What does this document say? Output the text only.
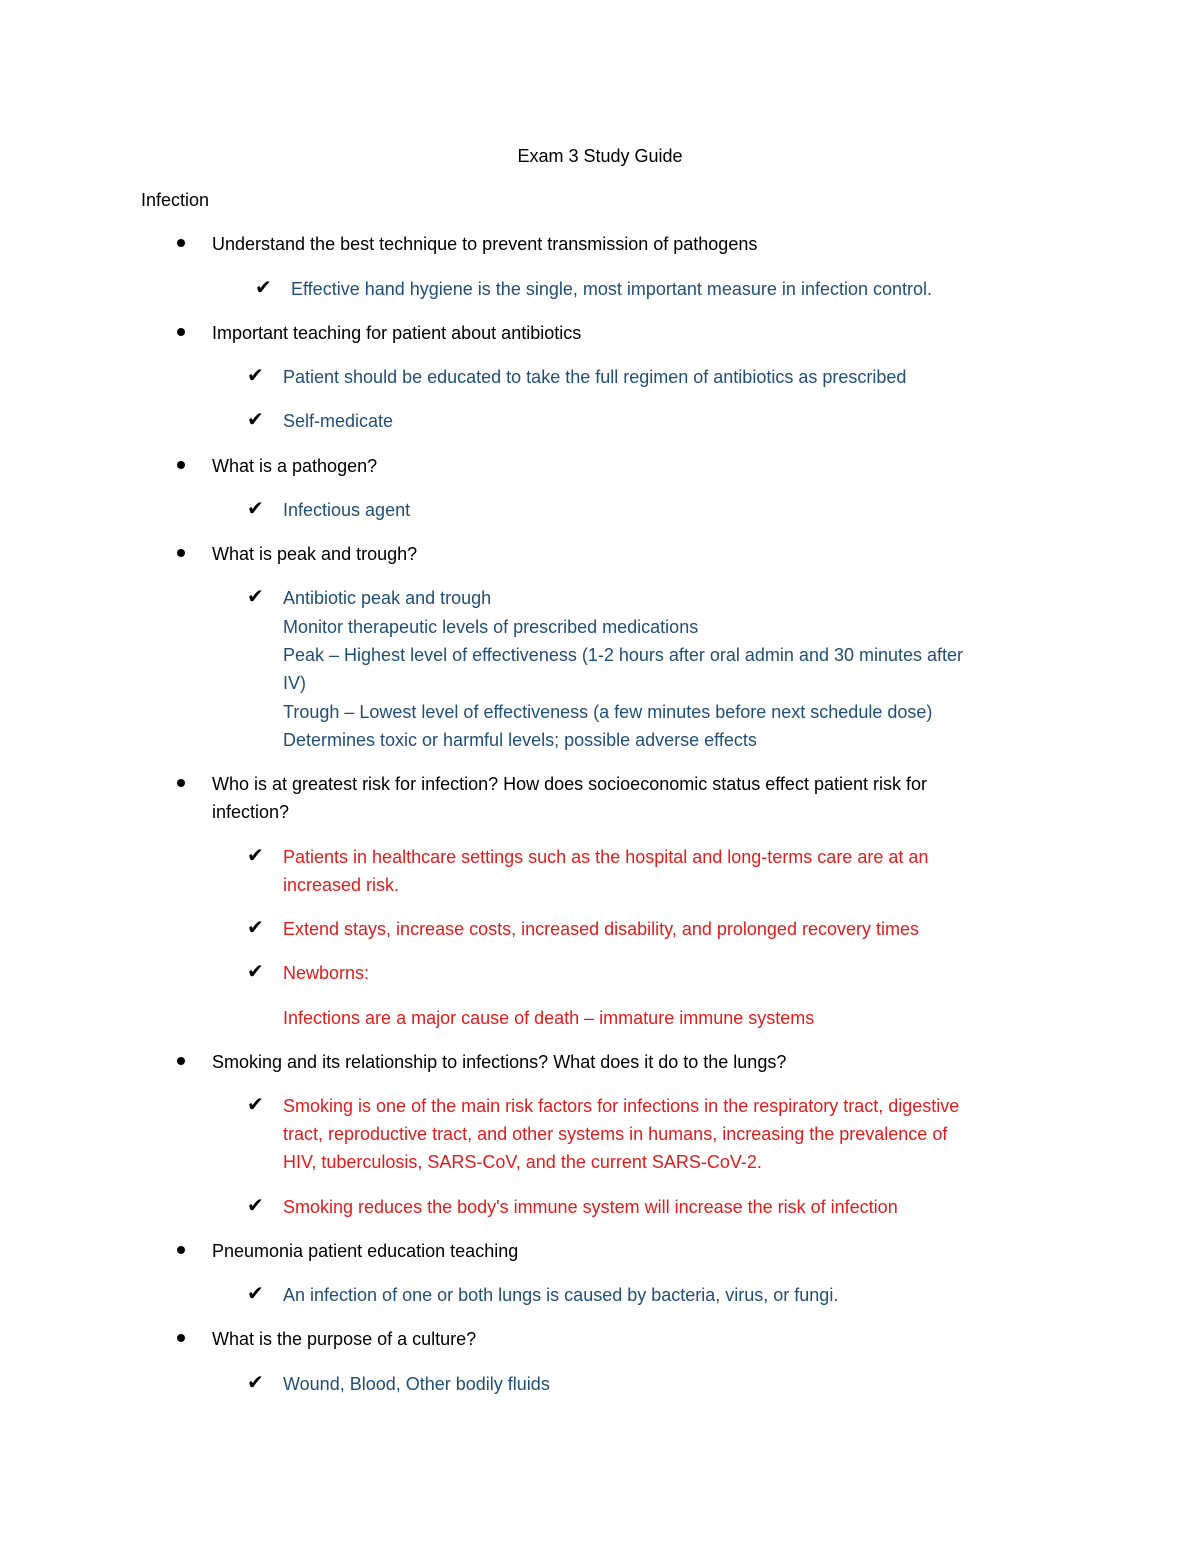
Exam 3 Study Guide
Infection
Understand the best technique to prevent transmission of pathogens
✔ Effective hand hygiene is the single, most important measure in infection control.
Important teaching for patient about antibiotics
✔ Patient should be educated to take the full regimen of antibiotics as prescribed
✔ Self-medicate
What is a pathogen?
✔ Infectious agent
What is peak and trough?
✔ Antibiotic peak and trough
Monitor therapeutic levels of prescribed medications
Peak – Highest level of effectiveness (1-2 hours after oral admin and 30 minutes after
IV)
Trough – Lowest level of effectiveness (a few minutes before next schedule dose)
Determines toxic or harmful levels; possible adverse effects
Who is at greatest risk for infection? How does socioeconomic status effect patient risk for
infection?
✔ Patients in healthcare settings such as the hospital and long-terms care are at an
increased risk.
✔ Extend stays, increase costs, increased disability, and prolonged recovery times
✔ Newborns:
Infections are a major cause of death – immature immune systems
Smoking and its relationship to infections? What does it do to the lungs?
✔ Smoking is one of the main risk factors for infections in the respiratory tract, digestive
tract, reproductive tract, and other systems in humans, increasing the prevalence of
HIV, tuberculosis, SARS-CoV, and the current SARS-CoV-2.
✔ Smoking reduces the body's immune system will increase the risk of infection
Pneumonia patient education teaching
✔ An infection of one or both lungs is caused by bacteria, virus, or fungi.
What is the purpose of a culture?
✔ Wound, Blood, Other bodily fluids
